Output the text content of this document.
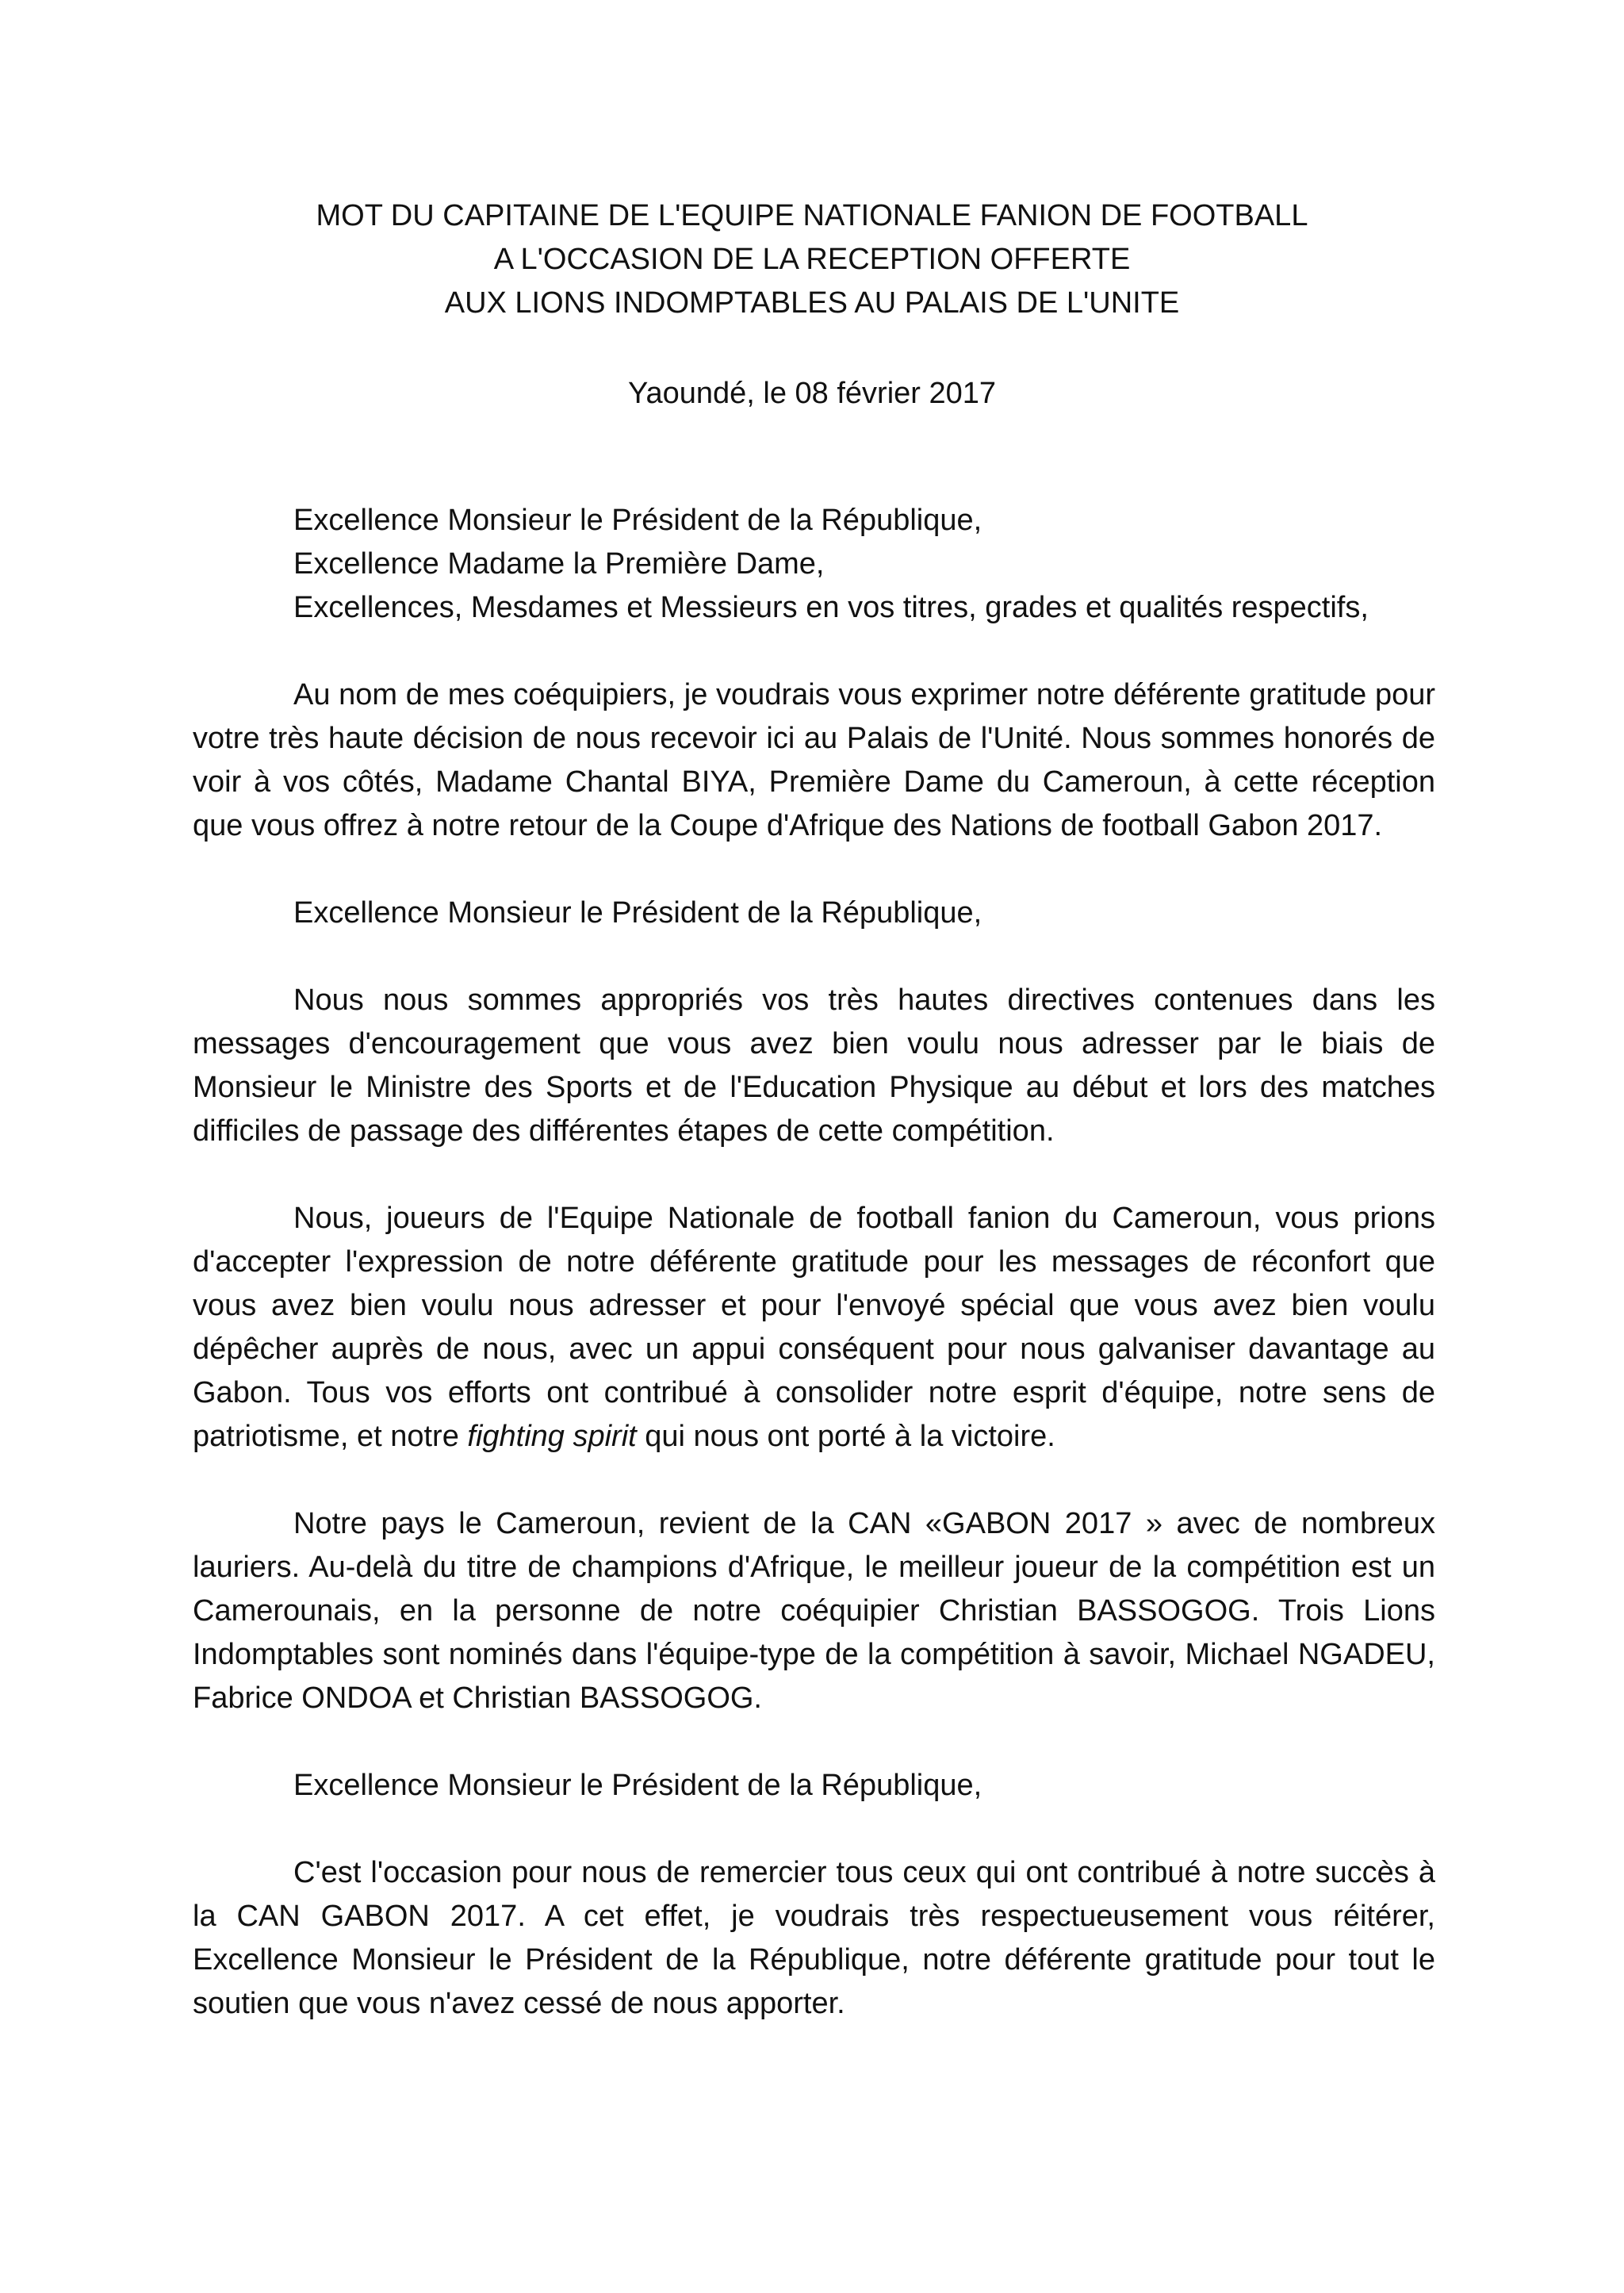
MOT DU CAPITAINE DE L'EQUIPE NATIONALE FANION DE FOOTBALL
A L'OCCASION DE LA RECEPTION OFFERTE
AUX LIONS INDOMPTABLES AU PALAIS DE L'UNITE
Yaoundé, le 08 février 2017
Excellence Monsieur le Président de la République,
Excellence Madame la Première Dame,
Excellences, Mesdames et Messieurs en vos titres, grades et qualités respectifs,

Au nom de mes coéquipiers, je voudrais vous exprimer notre déférente gratitude pour votre très haute décision de nous recevoir ici au Palais de l'Unité. Nous sommes honorés de voir à vos côtés, Madame Chantal BIYA, Première Dame du Cameroun, à cette réception que vous offrez à notre retour de la Coupe d'Afrique des Nations de football Gabon 2017.

Excellence Monsieur le Président de la République,

Nous nous sommes appropriés vos très hautes directives contenues dans les messages d'encouragement que vous avez bien voulu nous adresser par le biais de Monsieur le Ministre des Sports et de l'Education Physique au début et lors des matches difficiles de passage des différentes étapes de cette compétition.

Nous, joueurs de l'Equipe Nationale de football fanion du Cameroun, vous prions d'accepter l'expression de notre déférente gratitude pour les messages de réconfort que vous avez bien voulu nous adresser et pour l'envoyé spécial que vous avez bien voulu dépêcher auprès de nous, avec un appui conséquent pour nous galvaniser davantage au Gabon. Tous vos efforts ont contribué à consolider notre esprit d'équipe, notre sens de patriotisme, et notre fighting spirit qui nous ont porté à la victoire.

Notre pays le Cameroun, revient de la CAN «GABON 2017 » avec de nombreux lauriers. Au-delà du titre de champions d'Afrique, le meilleur joueur de la compétition est un Camerounais, en la personne de notre coéquipier Christian BASSOGOG. Trois Lions Indomptables sont nominés dans l'équipe-type de la compétition à savoir, Michael NGADEU, Fabrice ONDOA et Christian BASSOGOG.

Excellence Monsieur le Président de la République,

C'est l'occasion pour nous de remercier tous ceux qui ont contribué à notre succès à la CAN GABON 2017. A cet effet, je voudrais très respectueusement vous réitérer, Excellence Monsieur le Président de la République, notre déférente gratitude pour tout le soutien que vous n'avez cessé de nous apporter.
